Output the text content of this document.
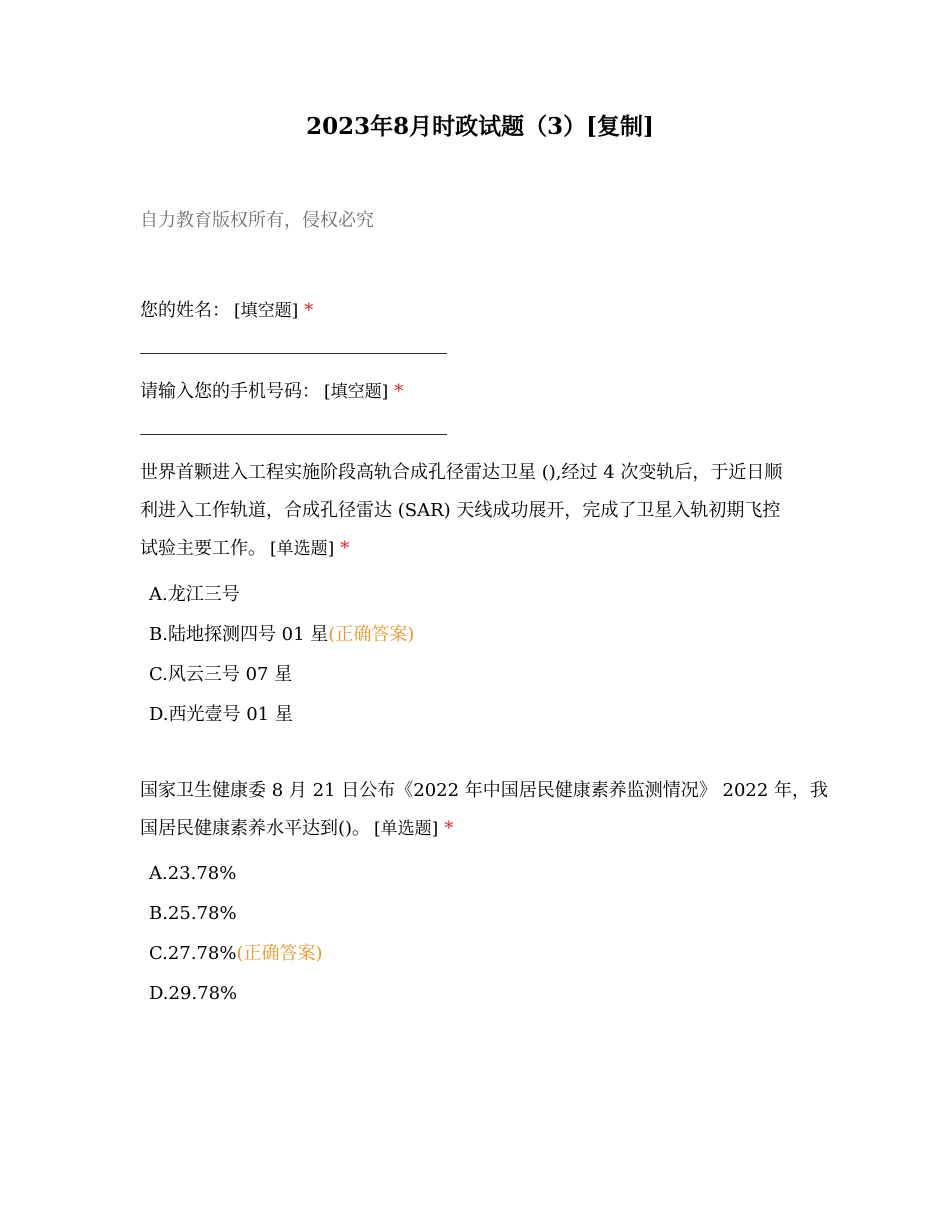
2023年8月时政试题（3）[复制]
自力教育版权所有，侵权必究
您的姓名： [填空题] *
请输入您的手机号码： [填空题] *
世界首颗进入工程实施阶段高轨合成孔径雷达卫星 (),经过 4 次变轨后，于近日顺
利进入工作轨道，合成孔径雷达 (SAR) 天线成功展开，完成了卫星入轨初期飞控
试验主要工作。 [单选题] *
A.龙江三号
B.陆地探测四号 01 星(正确答案)
C.风云三号 07 星
D.西光壹号 01 星
国家卫生健康委 8 月 21 日公布《2022 年中国居民健康素养监测情况》 2022 年，我
国居民健康素养水平达到()。 [单选题] *
A.23.78%
B.25.78%
C.27.78%(正确答案)
D.29.78%
